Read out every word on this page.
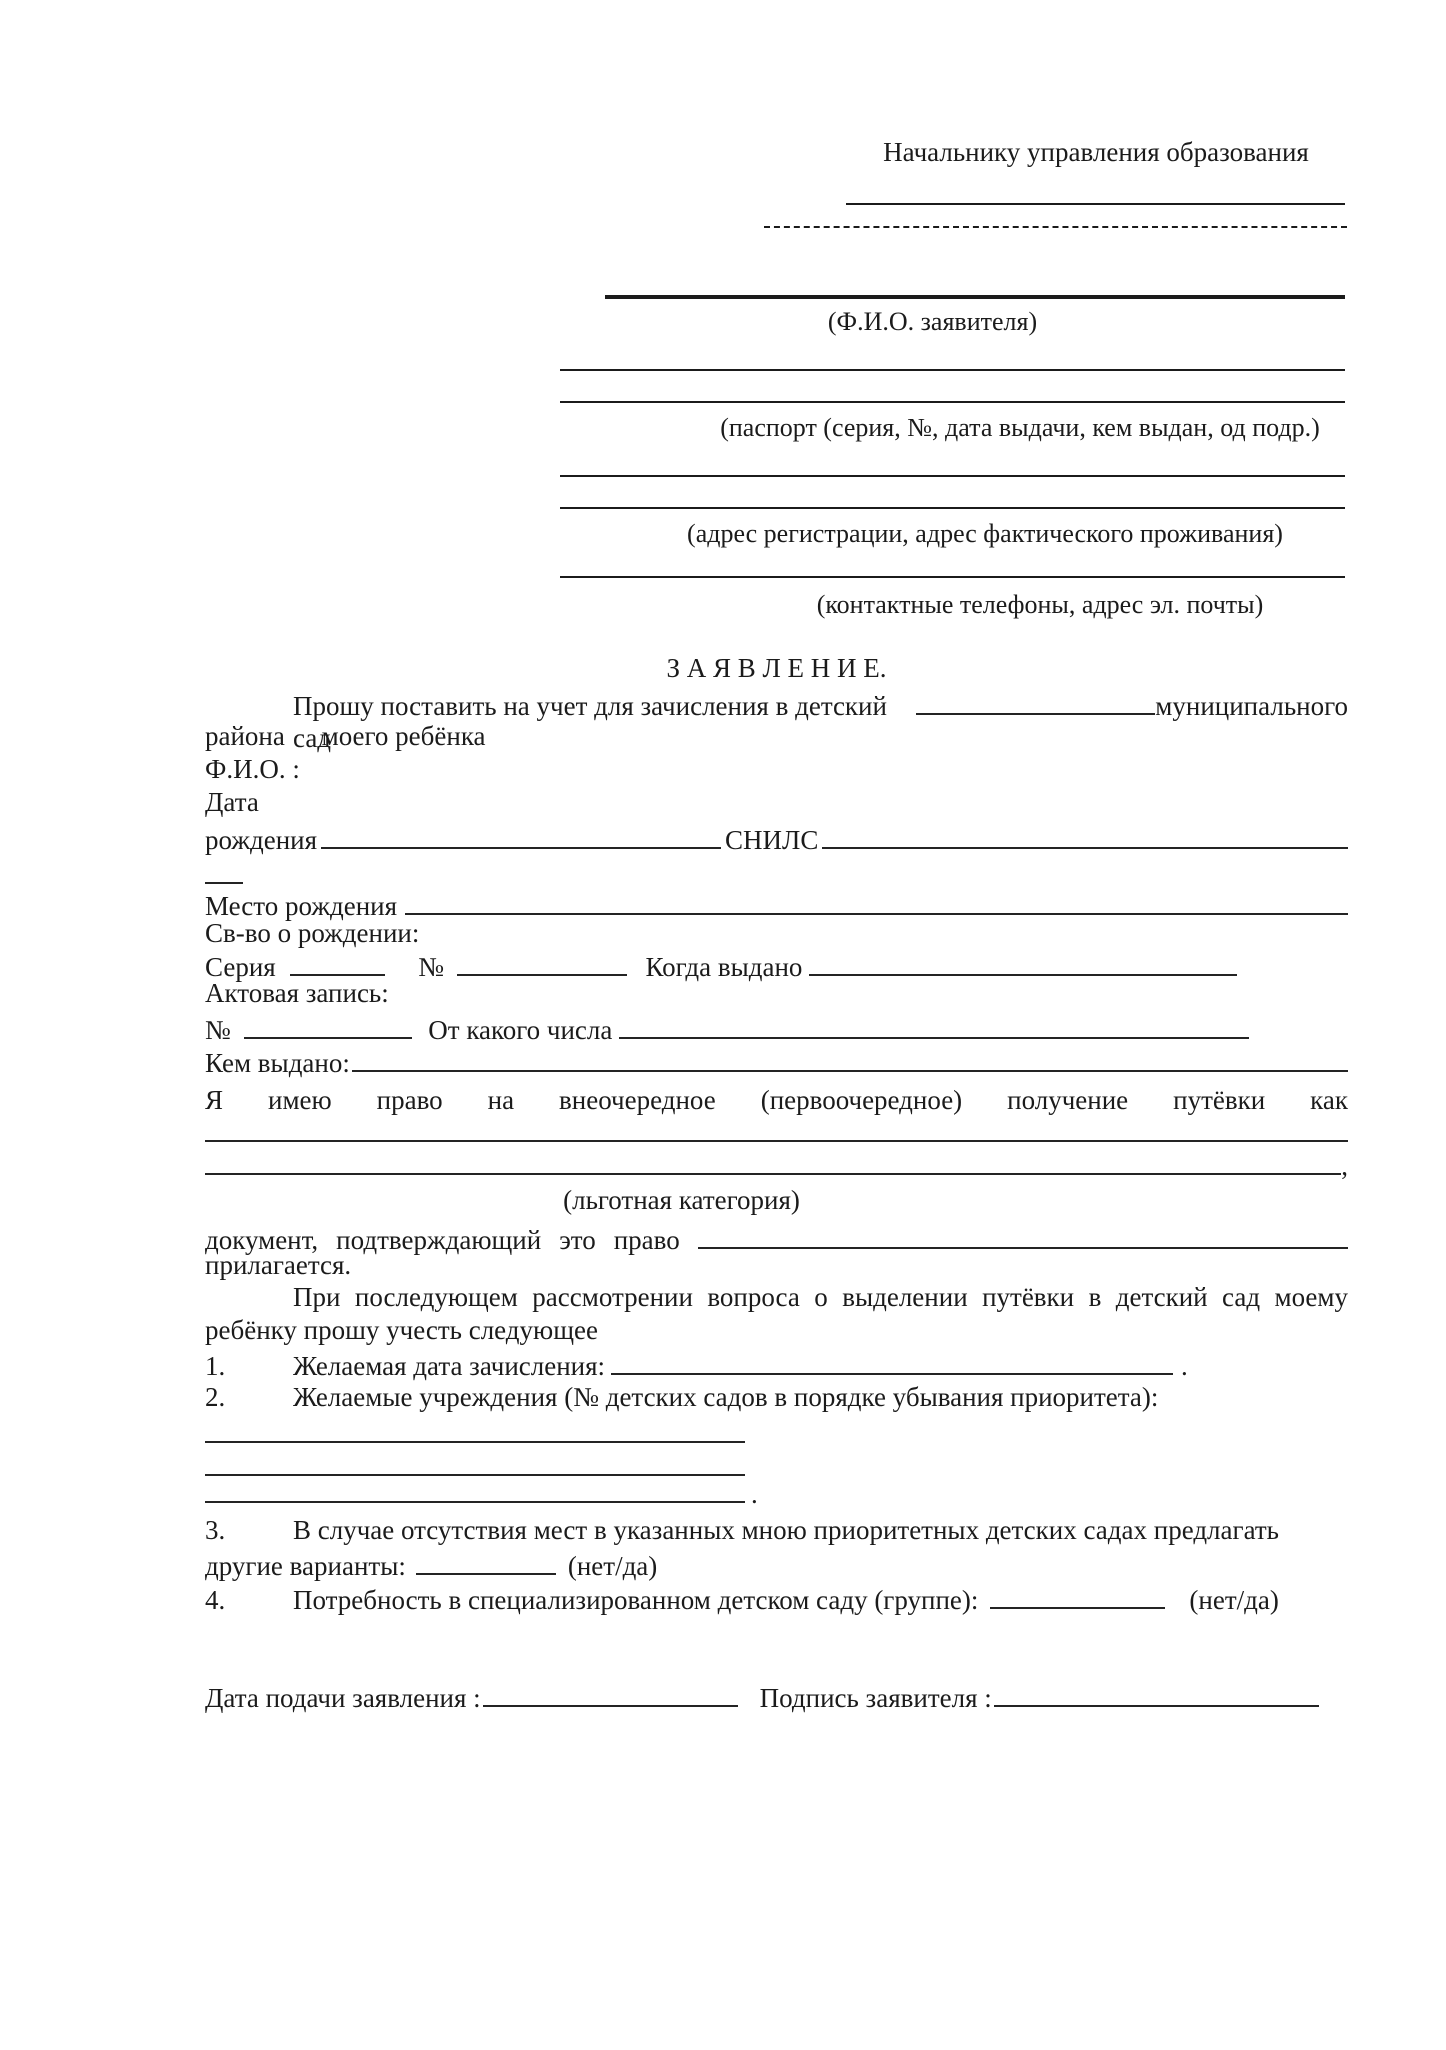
Начальнику управления образования
(Ф.И.О. заявителя)
(паспорт (серия, №, дата выдачи, кем выдан, од подр.)
(адрес регистрации, адрес фактического проживания)
(контактные телефоны, адрес эл. почты)
З А Я В Л Е Н И Е.
Прошу поставить на учет для зачисления в детский сад
муниципального
района моего ребёнка
Ф.И.О. :
Дата
рождения	СНИЛС
Место рождения
Св-во о рождении:
Серия	№	Когда выдано
Актовая запись:
№	От какого числа
Кем выдано:
Я имею право на внеочередное (первоочередное) получение путёвки как
,
(льготная категория)
документ, подтверждающий это право
прилагается.
При последующем рассмотрении вопроса о выделении путёвки в детский сад моему
ребёнку прошу учесть следующее
1.	Желаемая дата зачисления:	.
2.	Желаемые учреждения (№ детских садов в порядке убывания приоритета):
.
3.	В случае отсутствия мест в указанных мною приоритетных детских садах предлагать
другие варианты:	(нет/да)
4.	Потребность в специализированном детском саду (группе):	(нет/да)
Дата подачи заявления :	Подпись заявителя :
